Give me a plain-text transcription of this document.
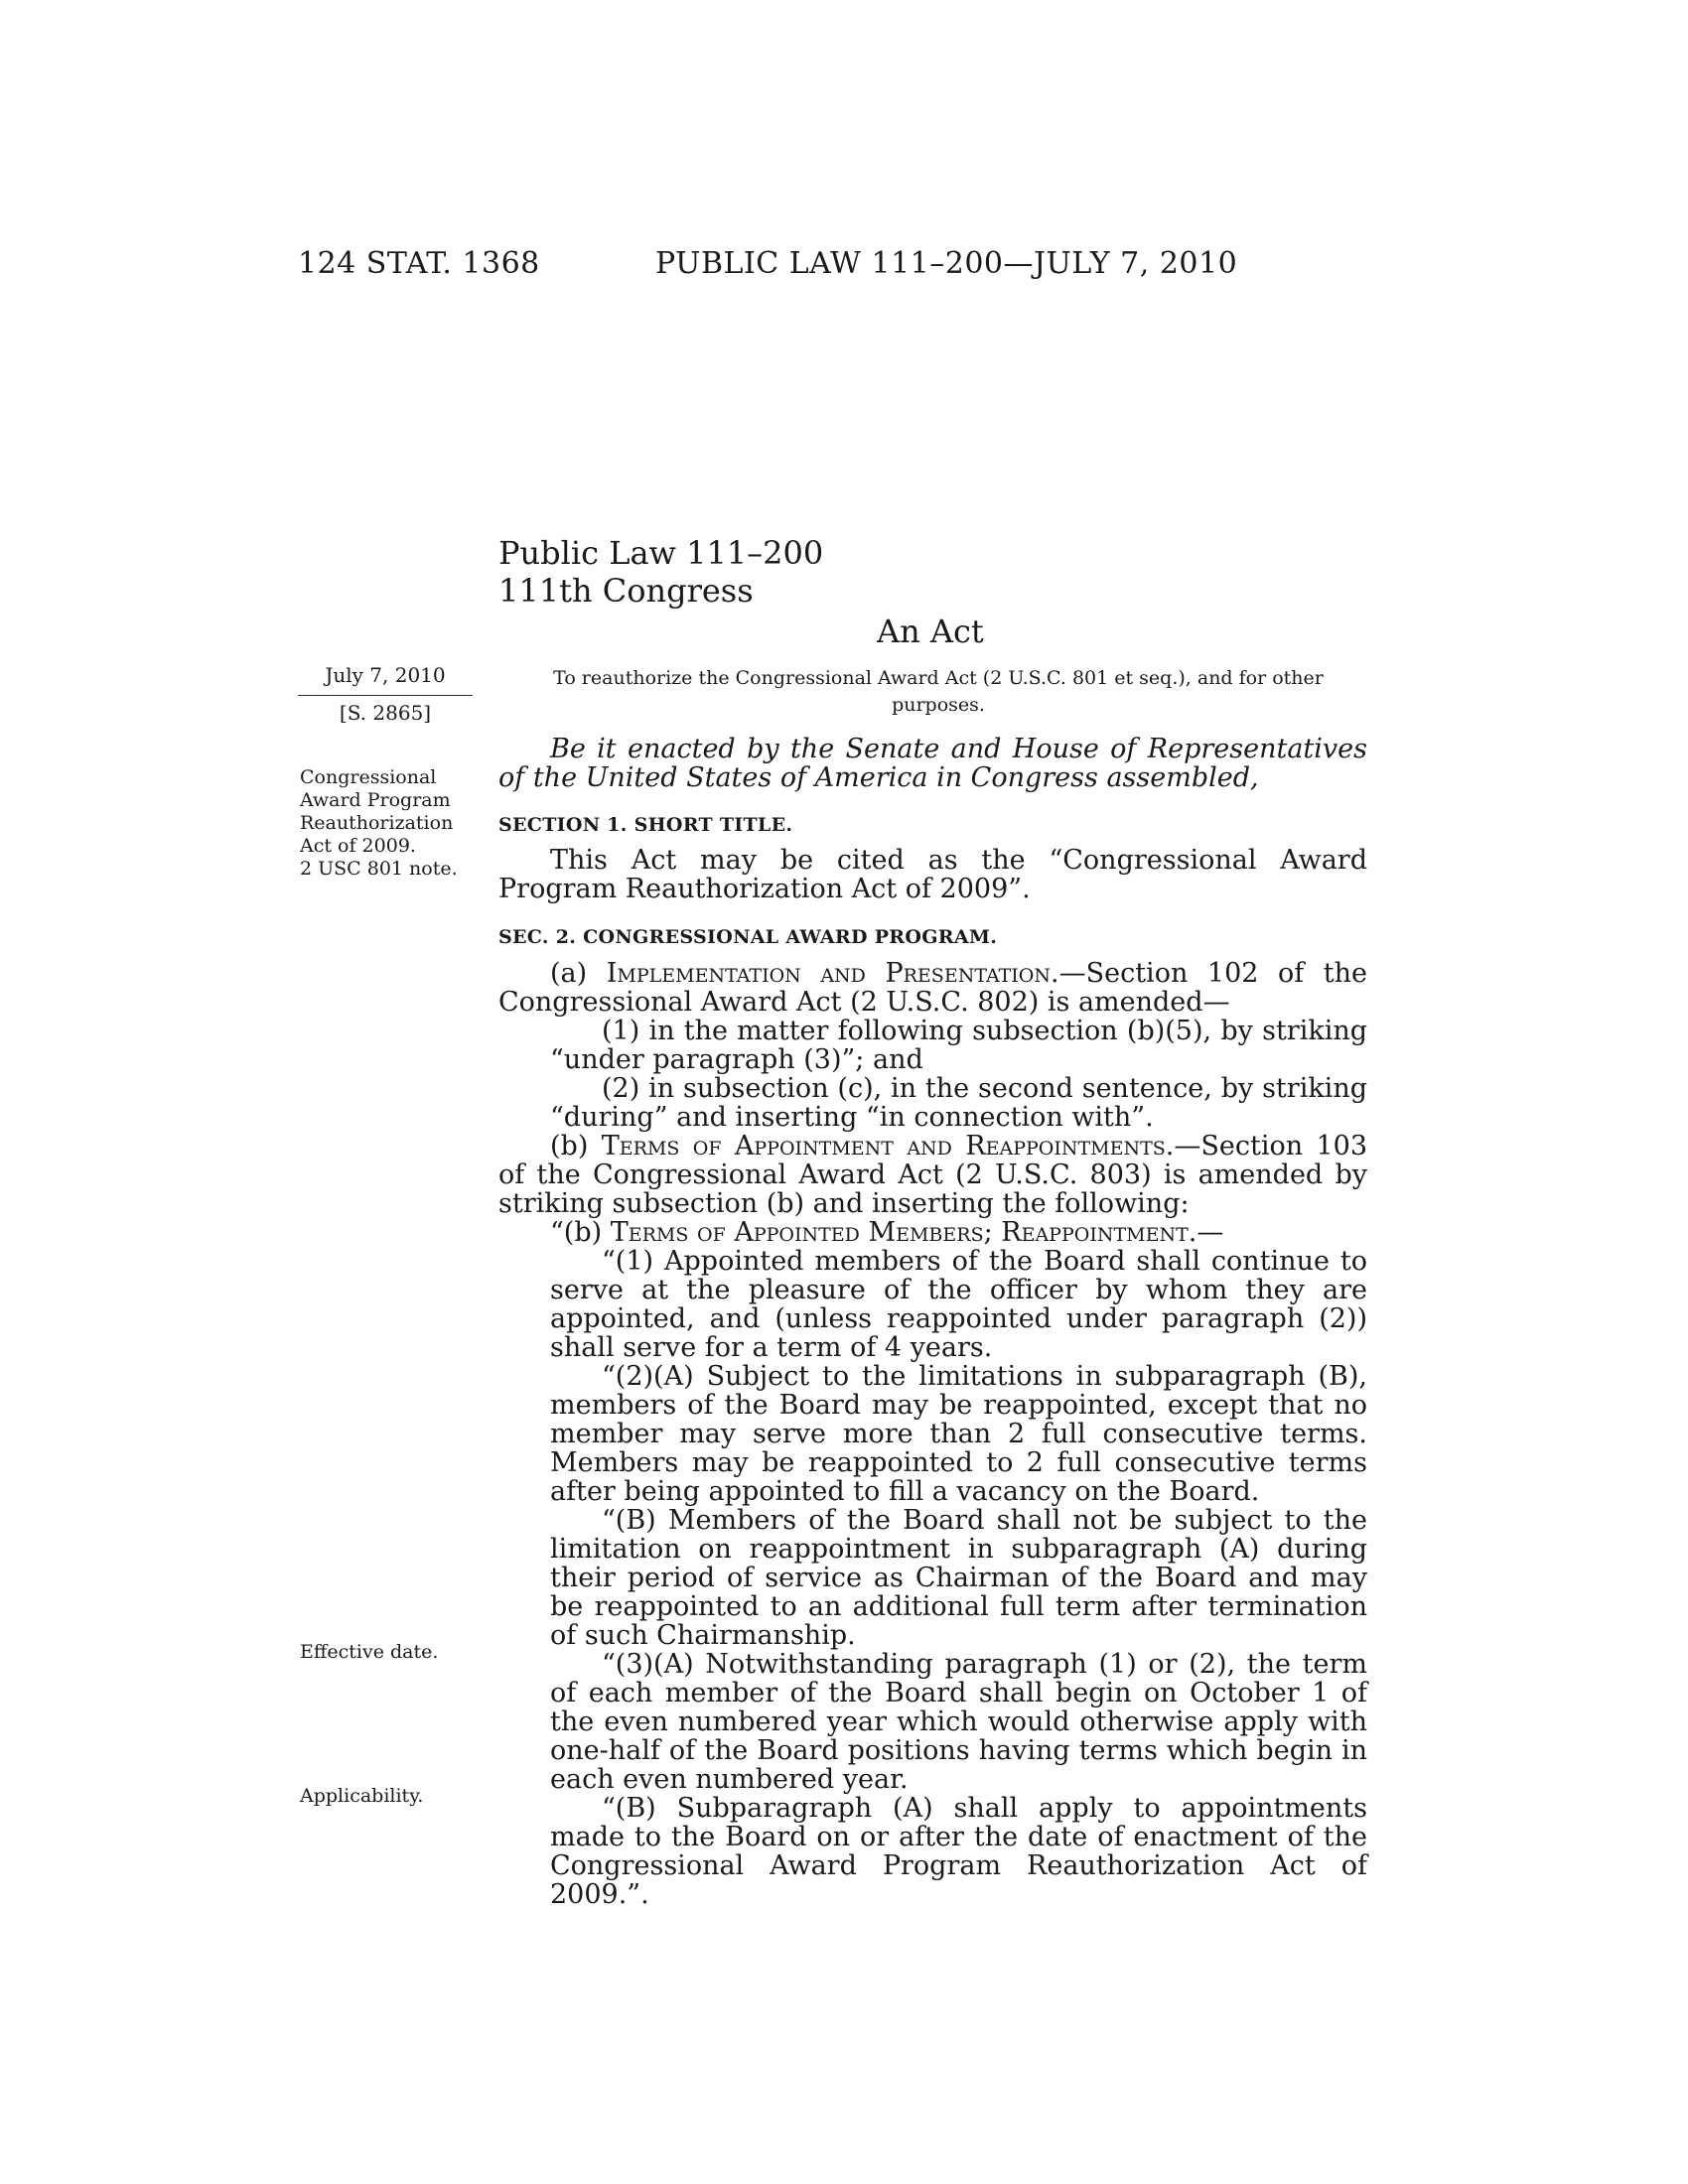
124 STAT. 1368	PUBLIC LAW 111–200—JULY 7, 2010
Public Law 111–200
111th Congress
An Act
To reauthorize the Congressional Award Act (2 U.S.C. 801 et seq.), and for other purposes.
July 7, 2010
[S. 2865]
Congressional
Award Program
Reauthorization
Act of 2009.
2 USC 801 note.

Be it enacted by the Senate and House of Representatives of the United States of America in Congress assembled,

SECTION 1. SHORT TITLE.

This Act may be cited as the “Congressional Award Program Reauthorization Act of 2009”.

SEC. 2. CONGRESSIONAL AWARD PROGRAM.

(a) Implementation and Presentation.—Section 102 of the Congressional Award Act (2 U.S.C. 802) is amended—

(1) in the matter following subsection (b)(5), by striking “under paragraph (3)”; and

(2) in subsection (c), in the second sentence, by striking “during” and inserting “in connection with”.

(b) Terms of Appointment and Reappointments.—Section 103 of the Congressional Award Act (2 U.S.C. 803) is amended by striking subsection (b) and inserting the following:

“(b) Terms of Appointed Members; Reappointment.—

“(1) Appointed members of the Board shall continue to serve at the pleasure of the officer by whom they are appointed, and (unless reappointed under paragraph (2)) shall serve for a term of 4 years.

“(2)(A) Subject to the limitations in subparagraph (B), members of the Board may be reappointed, except that no member may serve more than 2 full consecutive terms. Members may be reappointed to 2 full consecutive terms after being appointed to fill a vacancy on the Board.

“(B) Members of the Board shall not be subject to the limitation on reappointment in subparagraph (A) during their period of service as Chairman of the Board and may be reappointed to an additional full term after termination of such Chairmanship.

“(3)(A) Notwithstanding paragraph (1) or (2), the term of each member of the Board shall begin on October 1 of the even numbered year which would otherwise apply with one-half of the Board positions having terms which begin in each even numbered year.

“(B) Subparagraph (A) shall apply to appointments made to the Board on or after the date of enactment of the Congressional Award Program Reauthorization Act of 2009.”.

Effective date.
Applicability.
